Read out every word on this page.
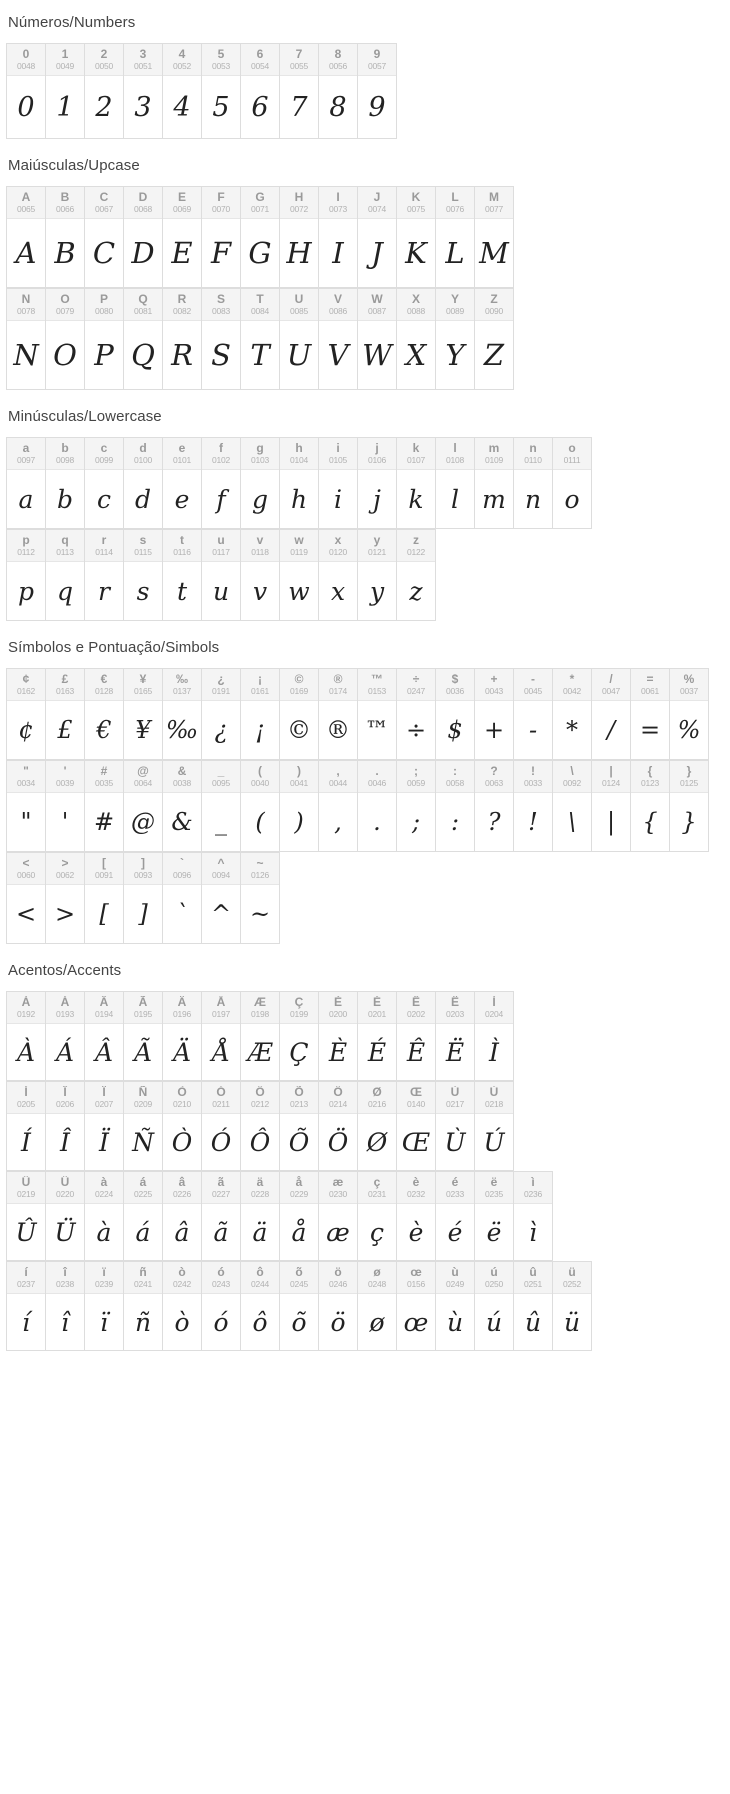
Números/Numbers
0
0048
0
1
0049
1
2
0050
2
3
0051
3
4
0052
4
5
0053
5
6
0054
6
7
0055
7
8
0056
8
9
0057
9
Maiúsculas/Upcase
A
0065
A
B
0066
B
C
0067
C
D
0068
D
E
0069
E
F
0070
F
G
0071
G
H
0072
H
I
0073
I
J
0074
J
K
0075
K
L
0076
L
M
0077
M
N
0078
N
O
0079
O
P
0080
P
Q
0081
Q
R
0082
R
S
0083
S
T
0084
T
U
0085
U
V
0086
V
W
0087
W
X
0088
X
Y
0089
Y
Z
0090
Z
Minúsculas/Lowercase
a
0097
a
b
0098
b
c
0099
c
d
0100
d
e
0101
e
f
0102
f
g
0103
g
h
0104
h
i
0105
i
j
0106
j
k
0107
k
l
0108
l
m
0109
m
n
0110
n
o
0111
o
p
0112
p
q
0113
q
r
0114
r
s
0115
s
t
0116
t
u
0117
u
v
0118
v
w
0119
w
x
0120
x
y
0121
y
z
0122
z
Símbolos e Pontuação/Simbols
¢
0162
¢
£
0163
£
€
0128
€
¥
0165
¥
‰
0137
‰
¿
0191
¿
¡
0161
¡
©
0169
©
®
0174
®
™
0153
™
÷
0247
÷
$
0036
$
+
0043
+
-
0045
-
*
0042
*
/
0047
/
=
0061
=
%
0037
%
"
0034
"
'
0039
'
#
0035
#
@
0064
@
&
0038
&
_
0095
_
(
0040
(
)
0041
)
,
0044
,
.
0046
.
;
0059
;
:
0058
:
?
0063
?
!
0033
!
\
0092
\
|
0124
|
{
0123
{
}
0125
}
<
0060
<
>
0062
>
[
0091
[
]
0093
]
`
0096
`
^
0094
^
~
0126
~
Acentos/Accents
À
0192
À
Á
0193
Á
Â
0194
Â
Ã
0195
Ã
Ä
0196
Ä
Å
0197
Å
Æ
0198
Æ
Ç
0199
Ç
È
0200
È
É
0201
É
Ê
0202
Ê
Ë
0203
Ë
Ì
0204
Ì
Í
0205
Í
Î
0206
Î
Ï
0207
Ï
Ñ
0209
Ñ
Ò
0210
Ò
Ó
0211
Ó
Ô
0212
Ô
Õ
0213
Õ
Ö
0214
Ö
Ø
0216
Ø
Œ
0140
Œ
Ù
0217
Ù
Ú
0218
Ú
Û
0219
Û
Ü
0220
Ü
à
0224
à
á
0225
á
â
0226
â
ã
0227
ã
ä
0228
ä
å
0229
å
æ
0230
æ
ç
0231
ç
è
0232
è
é
0233
é
ë
0235
ë
ì
0236
ì
í
0237
í
î
0238
î
ï
0239
ï
ñ
0241
ñ
ò
0242
ò
ó
0243
ó
ô
0244
ô
õ
0245
õ
ö
0246
ö
ø
0248
ø
œ
0156
œ
ù
0249
ù
ú
0250
ú
û
0251
û
ü
0252
ü
